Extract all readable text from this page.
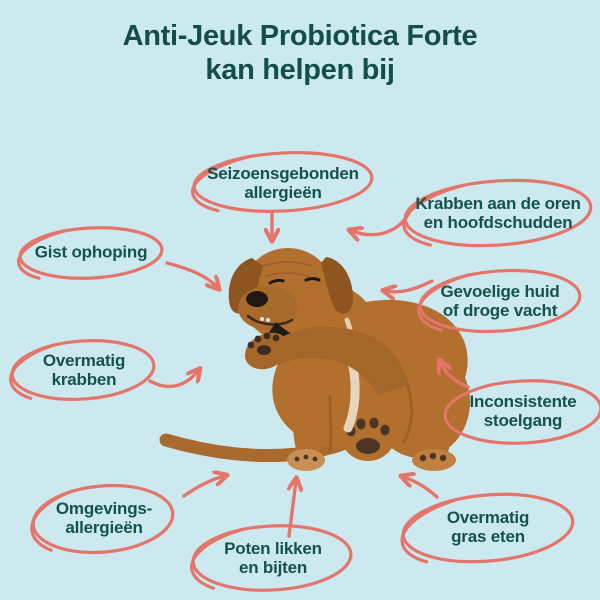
Anti-Jeuk Probiotica Forte
kan helpen bij
Seizoensgebonden
allergieën
Krabben aan de oren
en hoofdschudden
Gist ophoping
Gevoelige huid
of droge vacht
Overmatig
krabben
Inconsistente
stoelgang
Omgevings-
allergieën
Poten likken
en bijten
Overmatig
gras eten
